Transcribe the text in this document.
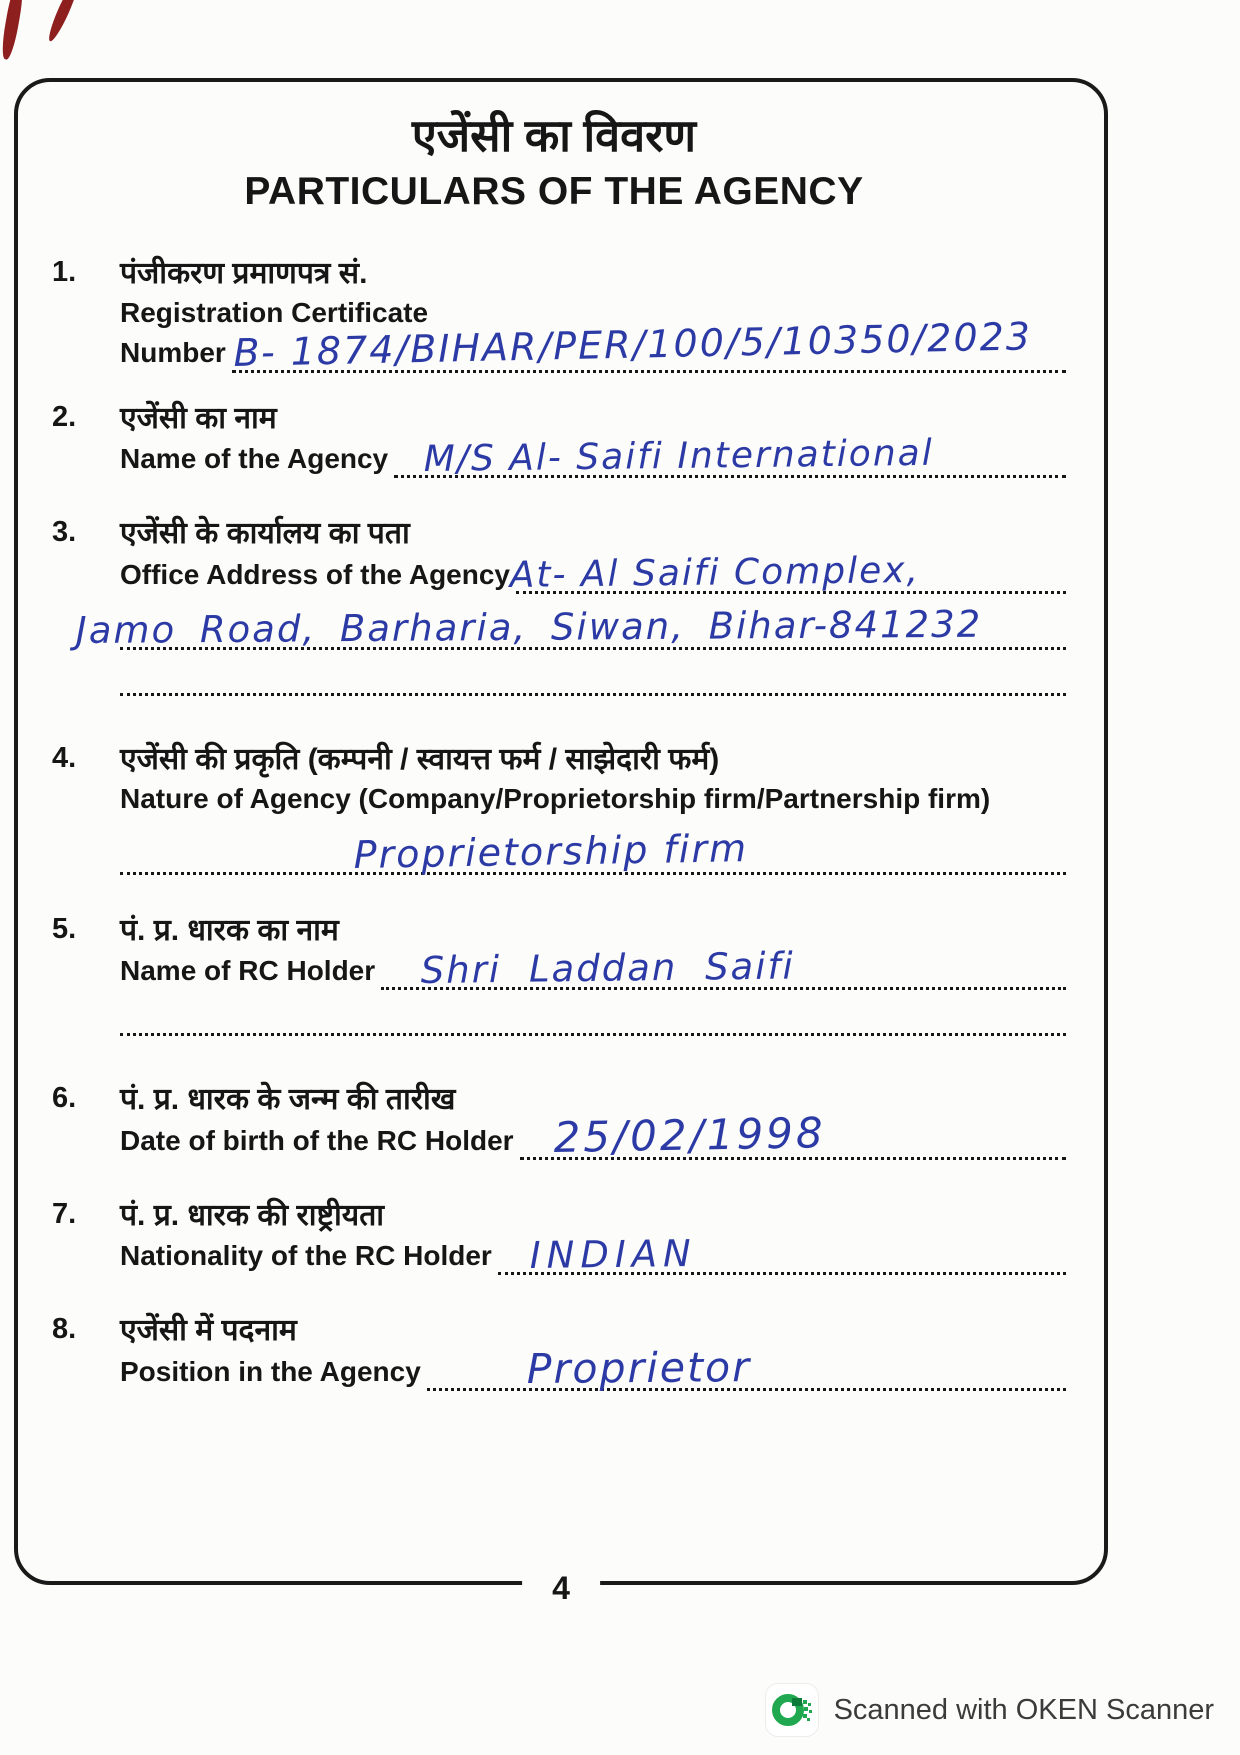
एजेंसी का विवरण
PARTICULARS OF THE AGENCY
1.	पंजीकरण प्रमाणपत्र सं.
Registration Certificate
Number B- 1874/BIHAR/PER/100/5/10350/2023
2.	एजेंसी का नाम
Name of the Agency M/S Al- Saifi International
3.	एजेंसी के कार्यालय का पता
Office Address of the Agency At- Al Saifi Complex,
Jamo Road, Barharia, Siwan, Bihar-841232
4.	एजेंसी की प्रकृति (कम्पनी / स्वायत्त फर्म / साझेदारी फर्म)
Nature of Agency (Company/Proprietorship firm/Partnership firm)
Proprietorship firm
5.	पं. प्र. धारक का नाम
Name of RC Holder Shri Laddan Saifi
6.	पं. प्र. धारक के जन्म की तारीख
Date of birth of the RC Holder 25/02/1998
7.	पं. प्र. धारक की राष्ट्रीयता
Nationality of the RC Holder INDIAN
8.	एजेंसी में पदनाम
Position in the Agency	Proprietor
4
Scanned with OKEN Scanner
